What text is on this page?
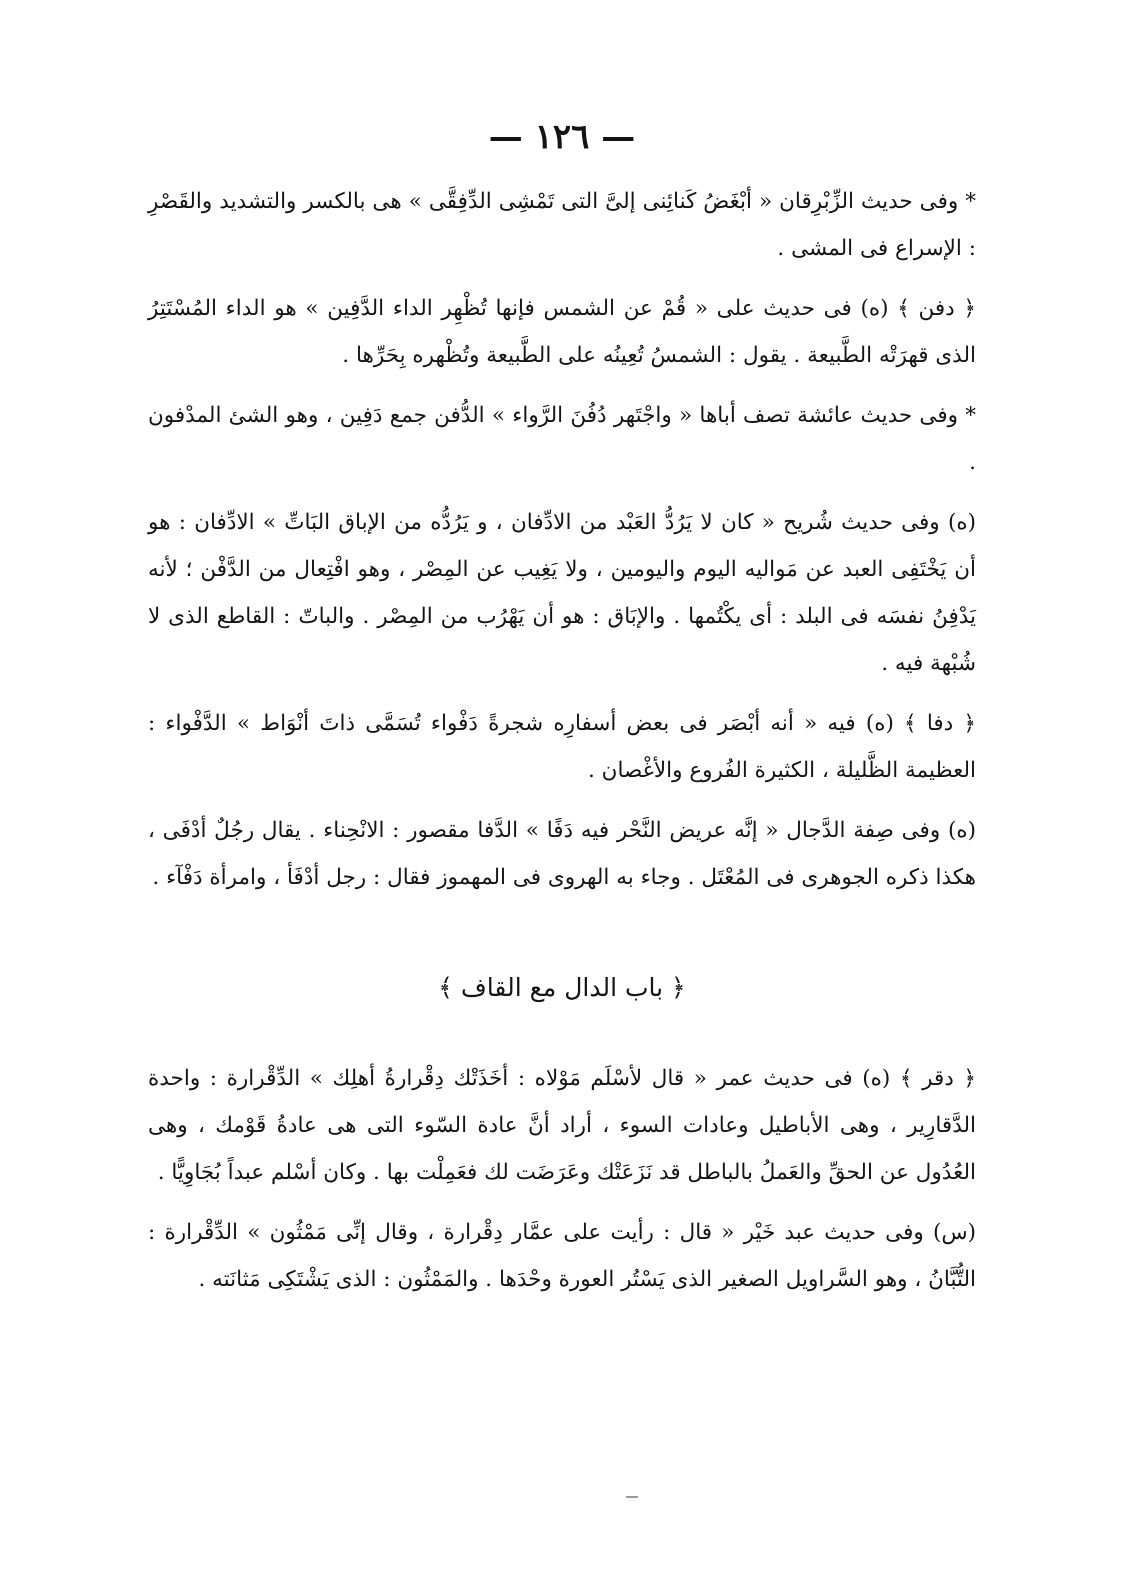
— ١٢٦ —

* وفى حديث الزِّبْرِقان « أبْغَضُ كَنائِنى إلىَّ التى تَمْشِى الدِّفِقَّى » هى بالكسر والتشديد والقَصْرِ : الإسراع فى المشى .

﴿ دفن ﴾ (ه) فى حديث على « قُمْ عن الشمس فإنها تُظْهِر الداء الدَّفِين » هو الداء المُسْتَتِرُ الذى قهرَتْه الطَّبيعة . يقول : الشمسُ تُعِينُه على الطَّبيعة وتُظْهره بِحَرِّها .

* وفى حديث عائشة تصف أباها « واجْتَهر دُفُنَ الرَّواء » الدُّفن جمع دَفِين ، وهو الشئ المدْفون .

(ه) وفى حديث شُريح « كان لا يَرُدُّ العَبْد من الادِّفان ، و يَرُدُّه من الإباق البَاتِّ » الادِّفان : هو أن يَخْتَفِى العبد عن مَواليه اليوم واليومين ، ولا يَغِيب عن المِصْر ، وهو افْتِعال من الدَّفْن ؛ لأنه يَدْفِنُ نفسَه فى البلد : أى يكْتُمها . والإبَاق : هو أن يَهْرُب من المِصْر . والباتّ : القاطع الذى لا شُبْهة فيه .

﴿ دفا ﴾ (ه) فيه « أنه أبْصَر فى بعض أسفارِه شجرةً دَفْواء تُسَمَّى ذاتَ أنْوَاط » الدَّفْواء : العظيمة الظَّليلة ، الكثيرة الفُروع والأغْصان .

(ه) وفى صِفة الدَّجال « إنَّه عريض النَّحْر فيه دَفًا » الدَّفا مقصور : الانْحِناء . يقال رجُلٌ أدْفَى ، هكذا ذكره الجوهرى فى المُعْتَل . وجاء به الهروى فى المهموز فقال : رجل أدْفَأ ، وامرأة دَفْآء .

﴿ باب الدال مع القاف ﴾

﴿ دقر ﴾ (ه) فى حديث عمر « قال لأسْلَم مَوْلاه : أخَذَتْك دِقْرارةُ أهلِك » الدِّقْرارة : واحدة الدَّقارِير ، وهى الأباطيل وعادات السوء ، أراد أنَّ عادة السّوء التى هى عادةُ قَوْمك ، وهى العُدُول عن الحقِّ والعَملُ بالباطل قد نَزَعَتْك وعَرَضَت لك فعَمِلْت بها . وكان أسْلم عبداً بُجَاوِيًّا .

(س) وفى حديث عبد خَيْر « قال : رأيت على عمَّار دِقْرارة ، وقال إنِّى مَمْثُون » الدِّقْرارة : التُّبَّانُ ، وهو السَّراويل الصغير الذى يَسْتُر العورة وحْدَها . والمَمْثُون : الذى يَشْتَكِى مَثانَته .
